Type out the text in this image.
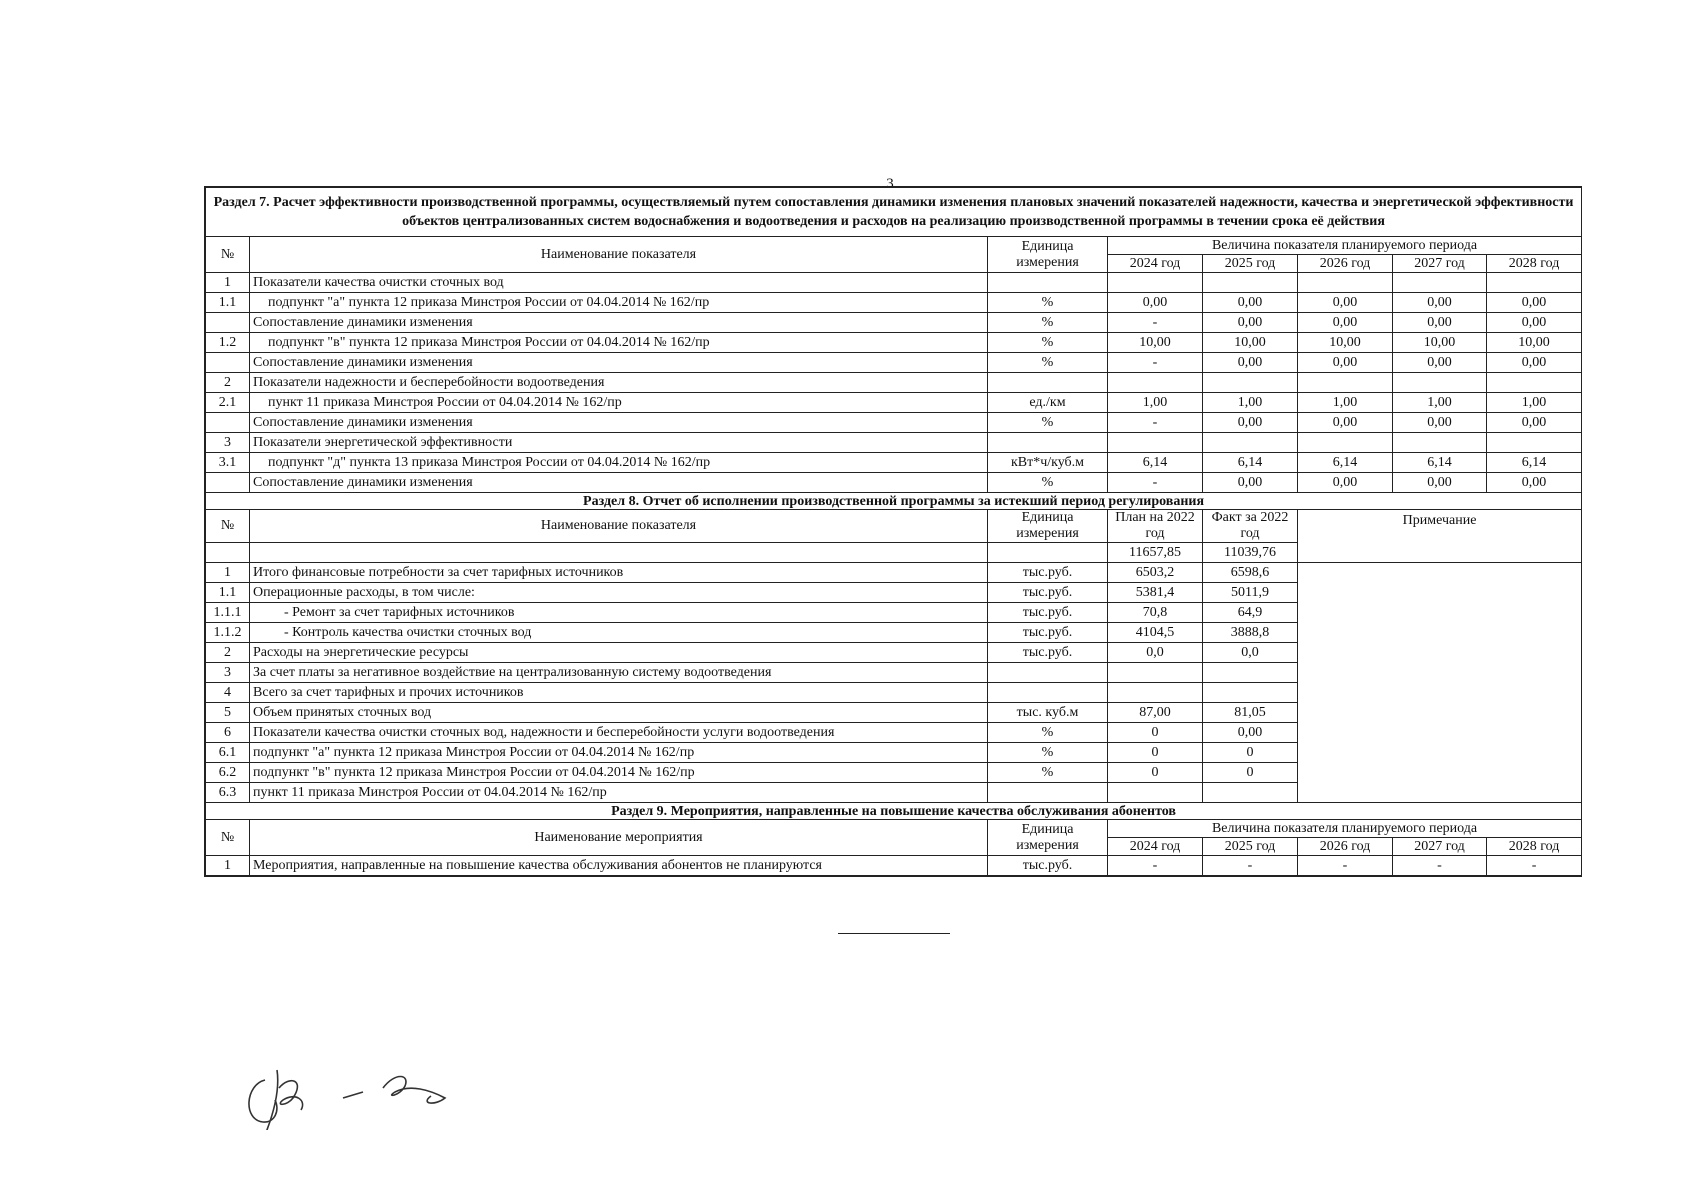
3
Раздел 7. Расчет эффективности производственной программы, осуществляемый путем сопоставления динамики изменения плановых значений показателей надежности, качества и энергетической эффективности объектов централизованных систем водоснабжения и водоотведения и расходов на реализацию производственной программы в течении срока её действия							
№	Наименование показателя	Единица измерения	Величина показателя планируемого периода				
			2024 год	2025 год	2026 год	2027 год	2028 год
1	Показатели качества очистки сточных вод						
1.1	подпункт "а" пункта 12 приказа Минстроя России от 04.04.2014 № 162/пр	%	0,00	0,00	0,00	0,00	0,00
	Сопоставление динамики изменения	%	-	0,00	0,00	0,00	0,00
1.2	подпункт "в" пункта 12 приказа Минстроя России от 04.04.2014 № 162/пр	%	10,00	10,00	10,00	10,00	10,00
	Сопоставление динамики изменения	%	-	0,00	0,00	0,00	0,00
2	Показатели надежности и бесперебойности водоотведения						
2.1	пункт 11 приказа Минстроя России от 04.04.2014 № 162/пр	ед./км	1,00	1,00	1,00	1,00	1,00
	Сопоставление динамики изменения	%	-	0,00	0,00	0,00	0,00
3	Показатели энергетической эффективности						
3.1	подпункт "д" пункта 13 приказа Минстроя России от 04.04.2014 № 162/пр	кВт*ч/куб.м	6,14	6,14	6,14	6,14	6,14
	Сопоставление динамики изменения	%	-	0,00	0,00	0,00	0,00
Раздел 8. Отчет об исполнении производственной программы за истекший период регулирования							
№	Наименование показателя	Единица измерения	План на 2022 год	Факт за 2022 год	Примечание		

			11657,85	11039,76			
1	Итого финансовые потребности за счет тарифных источников	тыс.руб.	6503,2	6598,6			
1.1	Операционные расходы, в том числе:	тыс.руб.	5381,4	5011,9			
1.1.1	- Ремонт за счет тарифных источников	тыс.руб.	70,8	64,9			
1.1.2	- Контроль качества очистки сточных вод	тыс.руб.	4104,5	3888,8			
2	Расходы на энергетические ресурсы	тыс.руб.	0,0	0,0			
3	За счет платы за негативное воздействие на централизованную систему водоотведения						
4	Всего за счет тарифных и прочих источников						
5	Объем принятых сточных вод	тыс. куб.м	87,00	81,05			
6	Показатели качества очистки сточных вод, надежности и бесперебойности услуги водоотведения	%	0	0,00			
6.1	подпункт "а" пункта 12 приказа Минстроя России от 04.04.2014 № 162/пр	%	0	0			
6.2	подпункт "в" пункта 12 приказа Минстроя России от 04.04.2014 № 162/пр	%	0	0			
6.3	пункт 11 приказа Минстроя России от 04.04.2014 № 162/пр						
Раздел 9. Мероприятия, направленные на повышение качества обслуживания абонентов							
№	Наименование мероприятия	Единица измерения	Величина показателя планируемого периода				
			2024 год	2025 год	2026 год	2027 год	2028 год
1	Мероприятия, направленные на повышение качества обслуживания абонентов не планируются	тыс.руб.	-	-	-	-	-
